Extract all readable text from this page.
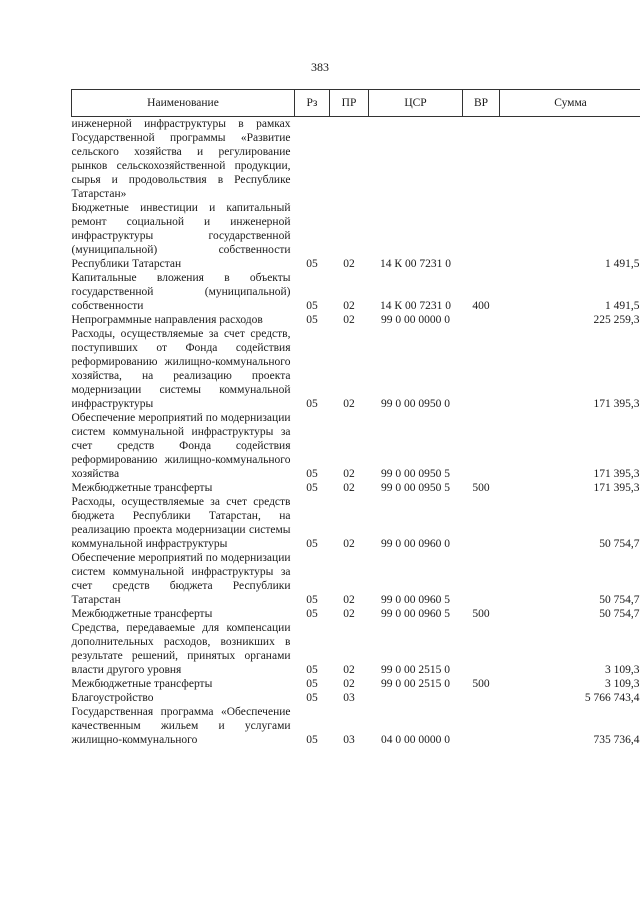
383
Наименование	Рз	ПР	ЦСР	ВР	Сумма
инженерной инфраструктуры в рамках Государственной программы «Развитие сельского хозяйства и регулирование рынков сельскохозяйственной продукции, сырья и продовольствия в Республике Татарстан»					
Бюджетные инвестиции и капитальный ремонт социальной и инженерной инфраструктуры государственной (муниципальной) собственности Республики Татарстан	05	02	14 К 00 7231 0		1 491,5
Капитальные вложения в объекты государственной (муниципальной) собственности	05	02	14 К 00 7231 0	400	1 491,5
Непрограммные направления расходов	05	02	99 0 00 0000 0		225 259,3
Расходы, осуществляемые за счет средств, поступивших от Фонда содействия реформированию жилищно-коммунального хозяйства, на реализацию проекта модернизации системы коммунальной инфраструктуры	05	02	99 0 00 0950 0		171 395,3
Обеспечение мероприятий по модернизации систем коммунальной инфраструктуры за счет средств Фонда содействия реформированию жилищно-коммунального хозяйства	05	02	99 0 00 0950 5		171 395,3
Межбюджетные трансферты	05	02	99 0 00 0950 5	500	171 395,3
Расходы, осуществляемые за счет средств бюджета Республики Татарстан, на реализацию проекта модернизации системы коммунальной инфраструктуры	05	02	99 0 00 0960 0		50 754,7
Обеспечение мероприятий по модернизации систем коммунальной инфраструктуры за счет средств бюджета Республики Татарстан	05	02	99 0 00 0960 5		50 754,7
Межбюджетные трансферты	05	02	99 0 00 0960 5	500	50 754,7
Средства, передаваемые для компенсации дополнительных расходов, возникших в результате решений, принятых органами власти другого уровня	05	02	99 0 00 2515 0		3 109,3
Межбюджетные трансферты	05	02	99 0 00 2515 0	500	3 109,3
Благоустройство	05	03			5 766 743,4
Государственная программа «Обеспечение качественным жильем и услугами жилищно-коммунального	05	03	04 0 00 0000 0		735 736,4
